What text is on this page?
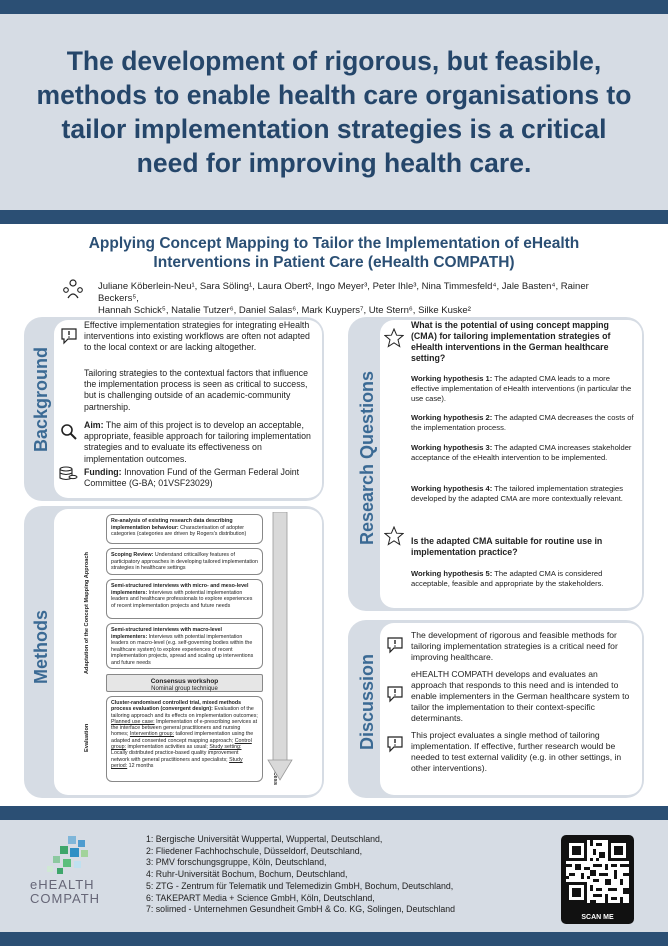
The development of rigorous, but feasible, methods to enable health care organisations to tailor implementation strategies is a critical need for improving health care.
Applying Concept Mapping to Tailor the Implementation of eHealth
Interventions in Patient Care (eHealth COMPATH)
Juliane Köberlein-Neu¹, Sara Söling¹, Laura Obert², Ingo Meyer³, Peter Ihle³, Nina Timmesfeld⁴, Jale Basten⁴, Rainer Beckers⁵,
Hannah Schick⁵, Natalie Tutzer⁶, Daniel Salas⁶, Mark Kuypers⁷, Ute Stern⁶, Silke Kuske²
Background
Effective implementation strategies for integrating eHealth interventions into existing workflows are often not adapted to the local context or are lacking altogether.
Tailoring strategies to the contextual factors that influence the implementation process is seen as critical to success, but is challenging outside of an academic-community partnership.
Aim: The aim of this project is to develop an acceptable, appropriate, feasible approach for tailoring implementation strategies and to evaluate its effectiveness on implementation outcomes.
Funding: Innovation Fund of the German Federal Joint Committee (G-BA; 01VSF23029)
Methods	Adaptation of the Concept Mapping Approach
Evaluation
Re-analysis of existing research data describing implementation behaviour: Characterisation of adopter categories (categories are driven by Rogers's distribution)
Scoping Review: Understand critical/key features of participatory approaches in developing tailored implementation strategies in healthcare settings
Semi-structured interviews with micro- and meso-level implementers: Interviews with potential implementation leaders and healthcare professionals to explore experiences of recent implementation projects and future needs
Semi-structured interviews with macro-level implementers: Interviews with potential implementation leaders on macro-level (e.g. self-governing bodies within the healthcare system) to explore experiences of recent implementation projects, spread and scaling up interventions and future needs
Consensus workshop
Nominal group technique
Cluster-randomised controlled trial, mixed methods process evaluation (convergent design): Evaluation of the tailoring approach and its effects on implementation outcomes; Planned use case: Implementation of e-prescribing services at the interface between general practitioners and nursing homes; Intervention group: tailored implementation using the adapted and consented concept mapping approach; Control group: implementation activities as usual; Study setting: Locally distributed practice-based quality improvement network with general practitioners and specialists; Study period: 12 months
Research Questions
What is the potential of using concept mapping (CMA) for tailoring implementation strategies of eHealth interventions in the German healthcare setting?
Working hypothesis 1: The adapted CMA leads to a more effective implementation of eHealth interventions (in particular the use case).
Working hypothesis 2: The adapted CMA decreases the costs of the implementation process.
Working hypothesis 3: The adapted CMA increases stakeholder acceptance of the eHealth intervention to be implemented.
Working hypothesis 4: The tailored implementation strategies developed by the adapted CMA are more contextually relevant.
Is the adapted CMA suitable for routine use in implementation practice?
Working hypothesis 5: The adapted CMA is considered acceptable, feasible and appropriate by the stakeholders.
Discussion
The development of rigorous and feasible methods for tailoring implementation strategies is a critical need for improving healthcare.
eHEALTH COMPATH develops and evaluates an approach that responds to this need and is intended to enable implementers in the German healthcare system to tailor the implementation to their context-specific determinants.
This project evaluates a single method of tailoring implementation. If effective, further research would be needed to test external validity (e.g. in other settings, in other interventions).
eHEALTH
COMPATH
1: Bergische Universität Wuppertal, Wuppertal, Deutschland,
2: Fliedener Fachhochschule, Düsseldorf, Deutschland,
3: PMV forschungsgruppe, Köln, Deutschland,
4: Ruhr-Universität Bochum, Bochum, Deutschland,
5: ZTG - Zentrum für Telematik und Telemedizin GmbH, Bochum, Deutschland,
6: TAKEPART Media + Science GmbH, Köln, Deutschland,
7: solimed - Unternehmen Gesundheit GmbH & Co. KG, Solingen, Deutschland
SCAN ME
